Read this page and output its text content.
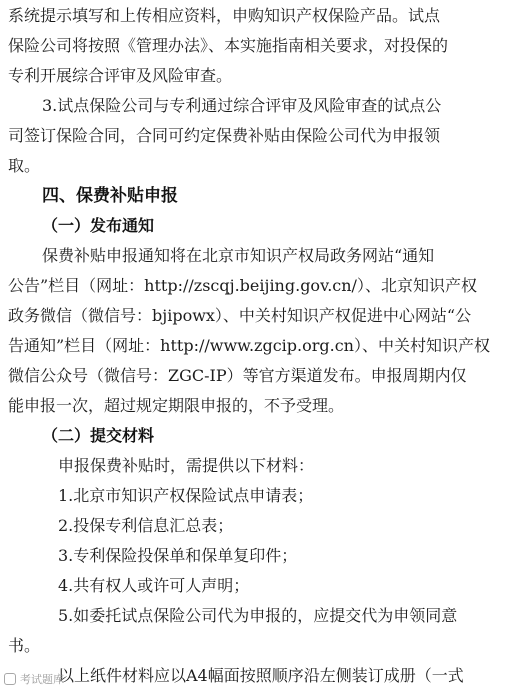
系统提示填写和上传相应资料，申购知识产权保险产品。试点
保险公司将按照《管理办法》、本实施指南相关要求，对投保的
专利开展综合评审及风险审查。
3.试点保险公司与专利通过综合评审及风险审查的试点公
司签订保险合同，合同可约定保费补贴由保险公司代为申报领
取。
四、保费补贴申报
（一）发布通知
保费补贴申报通知将在北京市知识产权局政务网站“通知
公告”栏目（网址：http://zscqj.beijing.gov.cn/）、北京知识产权
政务微信（微信号：bjipowx）、中关村知识产权促进中心网站“公
告通知”栏目（网址：http://www.zgcip.org.cn）、中关村知识产权
微信公众号（微信号：ZGC-IP）等官方渠道发布。申报周期内仅
能申报一次，超过规定期限申报的，不予受理。
（二）提交材料
申报保费补贴时，需提供以下材料：
1.北京市知识产权保险试点申请表；
2.投保专利信息汇总表；
3.专利保险投保单和保单复印件；
4.共有权人或许可人声明；
5.如委托试点保险公司代为申报的，应提交代为申领同意
书。
以上纸件材料应以A4幅面按照顺序沿左侧装订成册（一式
考试题库
